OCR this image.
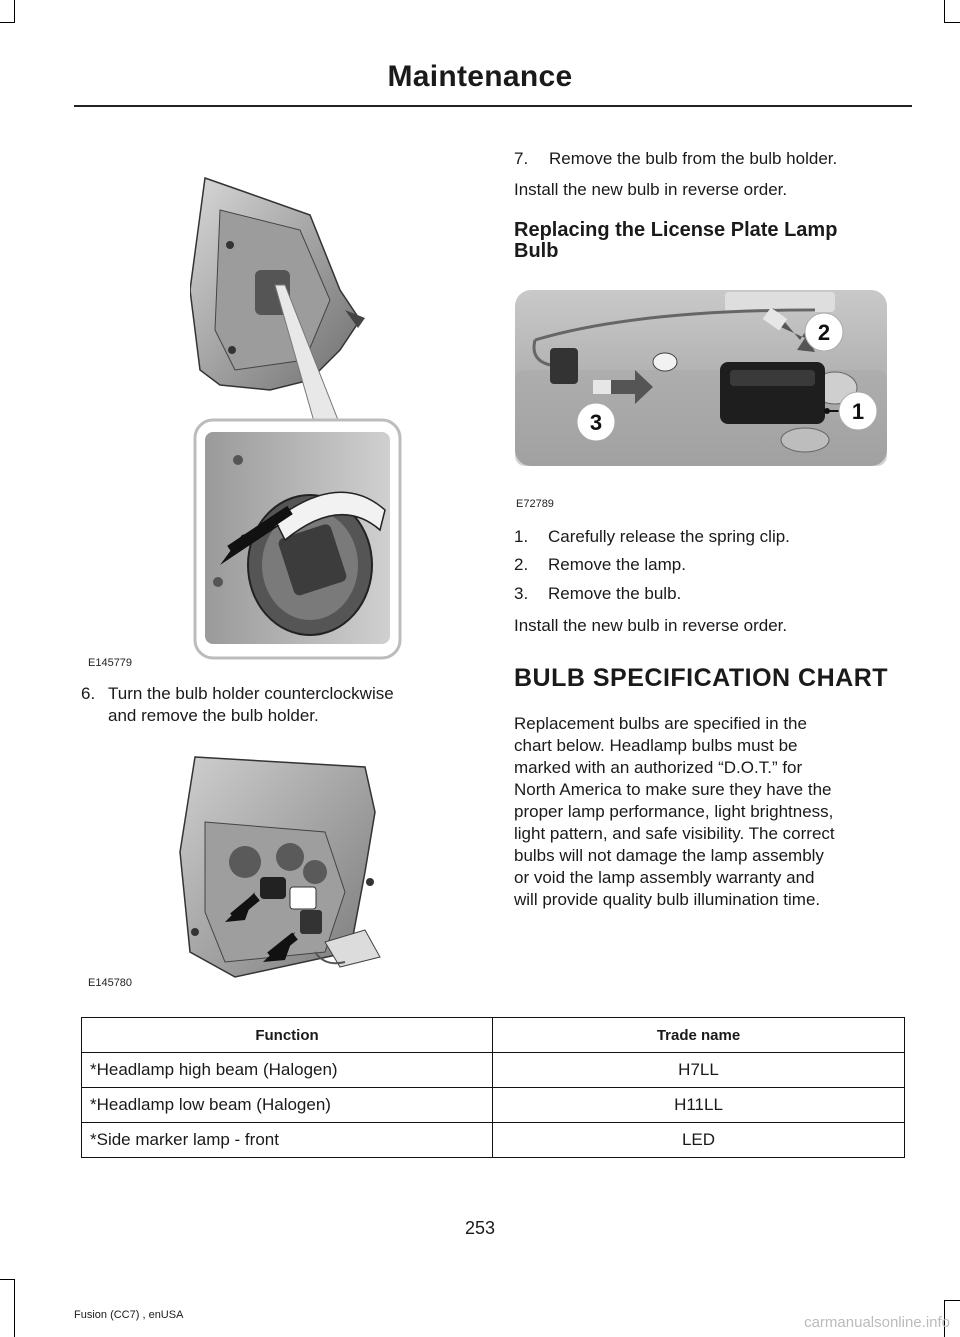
Maintenance
E145779
6. Turn the bulb holder counterclockwise
and remove the bulb holder.
E145780
7. Remove the bulb from the bulb holder.
Install the new bulb in reverse order.
Replacing the License Plate Lamp
Bulb
2
1
3
E72789
1. Carefully release the spring clip.
2. Remove the lamp.
3. Remove the bulb.
Install the new bulb in reverse order.
BULB SPECIFICATION CHART
Replacement bulbs are specified in the
chart below. Headlamp bulbs must be
marked with an authorized “D.O.T.” for
North America to make sure they have the
proper lamp performance, light brightness,
light pattern, and safe visibility. The correct
bulbs will not damage the lamp assembly
or void the lamp assembly warranty and
will provide quality bulb illumination time.
Function	Trade name
*Headlamp high beam (Halogen)	H7LL
*Headlamp low beam (Halogen)	H11LL
*Side marker lamp - front	LED
253
Fusion (CC7) , enUSA	carmanualsonline.info
